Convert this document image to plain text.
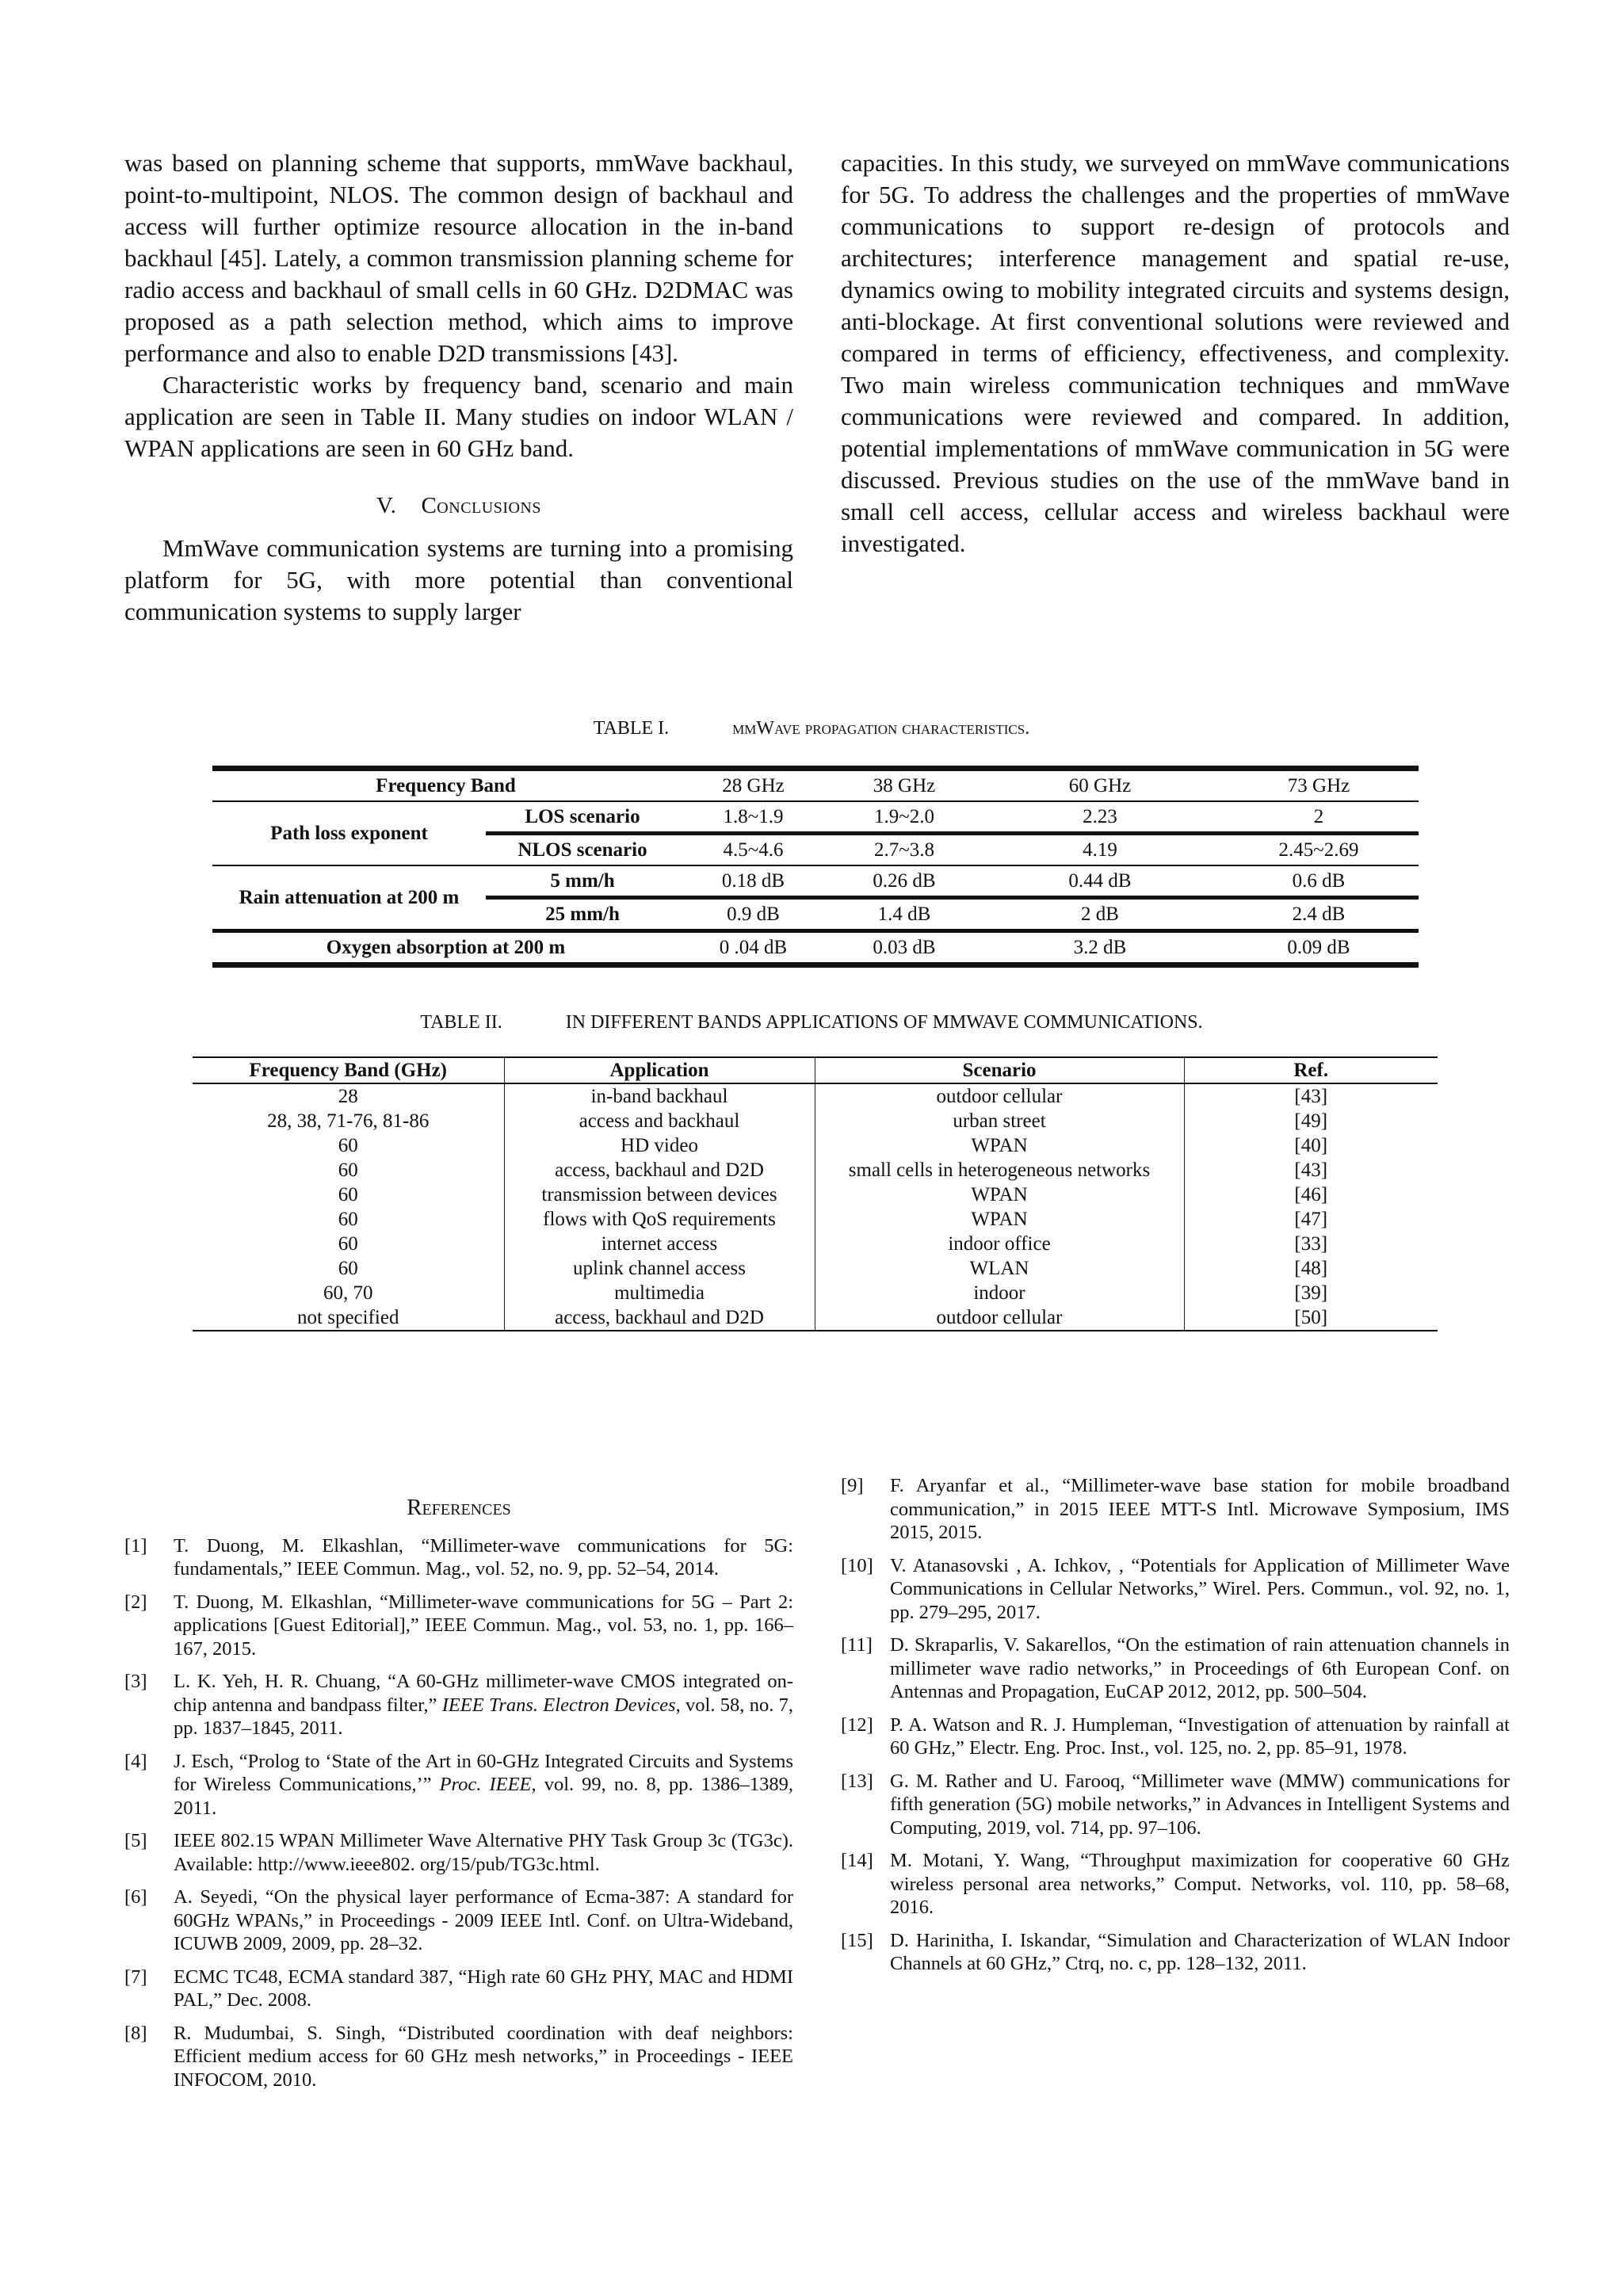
was based on planning scheme that supports, mmWave backhaul, point-to-multipoint, NLOS. The common design of backhaul and access will further optimize resource allocation in the in-band backhaul [45]. Lately, a common transmission planning scheme for radio access and backhaul of small cells in 60 GHz. D2DMAC was proposed as a path selection method, which aims to improve performance and also to enable D2D transmissions [43].

Characteristic works by frequency band, scenario and main application are seen in Table II. Many studies on indoor WLAN / WPAN applications are seen in 60 GHz band.

V. Conclusions

MmWave communication systems are turning into a promising platform for 5G, with more potential than conventional communication systems to supply larger

capacities. In this study, we surveyed on mmWave communications for 5G. To address the challenges and the properties of mmWave communications to support re-design of protocols and architectures; interference management and spatial re-use, dynamics owing to mobility integrated circuits and systems design, anti-blockage. At first conventional solutions were reviewed and compared in terms of efficiency, effectiveness, and complexity. Two main wireless communication techniques and mmWave communications were reviewed and compared. In addition, potential implementations of mmWave communication in 5G were discussed. Previous studies on the use of the mmWave band in small cell access, cellular access and wireless backhaul were investigated.

TABLE I.	mmWave propagation characteristics.
Frequency Band		28 GHz	38 GHz	60 GHz	73 GHz
Path loss exponent	LOS scenario	1.8~1.9	1.9~2.0	2.23	2
	NLOS scenario	4.5~4.6	2.7~3.8	4.19	2.45~2.69
Rain attenuation at 200 m	5 mm/h	0.18 dB	0.26 dB	0.44 dB	0.6 dB
	25 mm/h	0.9 dB	1.4 dB	2 dB	2.4 dB
Oxygen absorption at 200 m		0 .04 dB	0.03 dB	3.2 dB	0.09 dB
TABLE II.	IN DIFFERENT BANDS APPLICATIONS OF MMWAVE COMMUNICATIONS.
Frequency Band (GHz)	Application	Scenario	Ref.
28	in-band backhaul	outdoor cellular	[43]
28, 38, 71-76, 81-86	access and backhaul	urban street	[49]
60	HD video	WPAN	[40]
60	access, backhaul and D2D	small cells in heterogeneous networks	[43]
60	transmission between devices	WPAN	[46]
60	flows with QoS requirements	WPAN	[47]
60	internet access	indoor office	[33]
60	uplink channel access	WLAN	[48]
60, 70	multimedia	indoor	[39]
not specified	access, backhaul and D2D	outdoor cellular	[50]
References
[1]	T. Duong, M. Elkashlan, “Millimeter-wave communications for 5G: fundamentals,” IEEE Commun. Mag., vol. 52, no. 9, pp. 52–54, 2014.
[2]	T. Duong, M. Elkashlan, “Millimeter-wave communications for 5G – Part 2: applications [Guest Editorial],” IEEE Commun. Mag., vol. 53, no. 1, pp. 166–167, 2015.
[3]	L. K. Yeh, H. R. Chuang, “A 60-GHz millimeter-wave CMOS integrated on-chip antenna and bandpass filter,” IEEE Trans. Electron Devices, vol. 58, no. 7, pp. 1837–1845, 2011.
[4]	J. Esch, “Prolog to ‘State of the Art in 60-GHz Integrated Circuits and Systems for Wireless Communications,’” Proc. IEEE, vol. 99, no. 8, pp. 1386–1389, 2011.
[5]	IEEE 802.15 WPAN Millimeter Wave Alternative PHY Task Group 3c (TG3c). Available: http://www.ieee802. org/15/pub/TG3c.html.
[6]	A. Seyedi, “On the physical layer performance of Ecma-387: A standard for 60GHz WPANs,” in Proceedings - 2009 IEEE Intl. Conf. on Ultra-Wideband, ICUWB 2009, 2009, pp. 28–32.
[7]	ECMC TC48, ECMA standard 387, “High rate 60 GHz PHY, MAC and HDMI PAL,” Dec. 2008.
[8]	R. Mudumbai, S. Singh, “Distributed coordination with deaf neighbors: Efficient medium access for 60 GHz mesh networks,” in Proceedings - IEEE INFOCOM, 2010.
[9]	F. Aryanfar et al., “Millimeter-wave base station for mobile broadband communication,” in 2015 IEEE MTT-S Intl. Microwave Symposium, IMS 2015, 2015.
[10] V. Atanasovski , A. Ichkov, , “Potentials for Application of Millimeter Wave Communications in Cellular Networks,” Wirel. Pers. Commun., vol. 92, no. 1, pp. 279–295, 2017.
[11] D. Skraparlis, V. Sakarellos, “On the estimation of rain attenuation channels in millimeter wave radio networks,” in Proceedings of 6th European Conf. on Antennas and Propagation, EuCAP 2012, 2012, pp. 500–504.
[12] P. A. Watson and R. J. Humpleman, “Investigation of attenuation by rainfall at 60 GHz,” Electr. Eng. Proc. Inst., vol. 125, no. 2, pp. 85–91, 1978.
[13] G. M. Rather and U. Farooq, “Millimeter wave (MMW) communications for fifth generation (5G) mobile networks,” in Advances in Intelligent Systems and Computing, 2019, vol. 714, pp. 97–106.
[14] M. Motani, Y. Wang, “Throughput maximization for cooperative 60 GHz wireless personal area networks,” Comput. Networks, vol. 110, pp. 58–68, 2016.
[15] D. Harinitha, I. Iskandar, “Simulation and Characterization of WLAN Indoor Channels at 60 GHz,” Ctrq, no. c, pp. 128–132, 2011.
